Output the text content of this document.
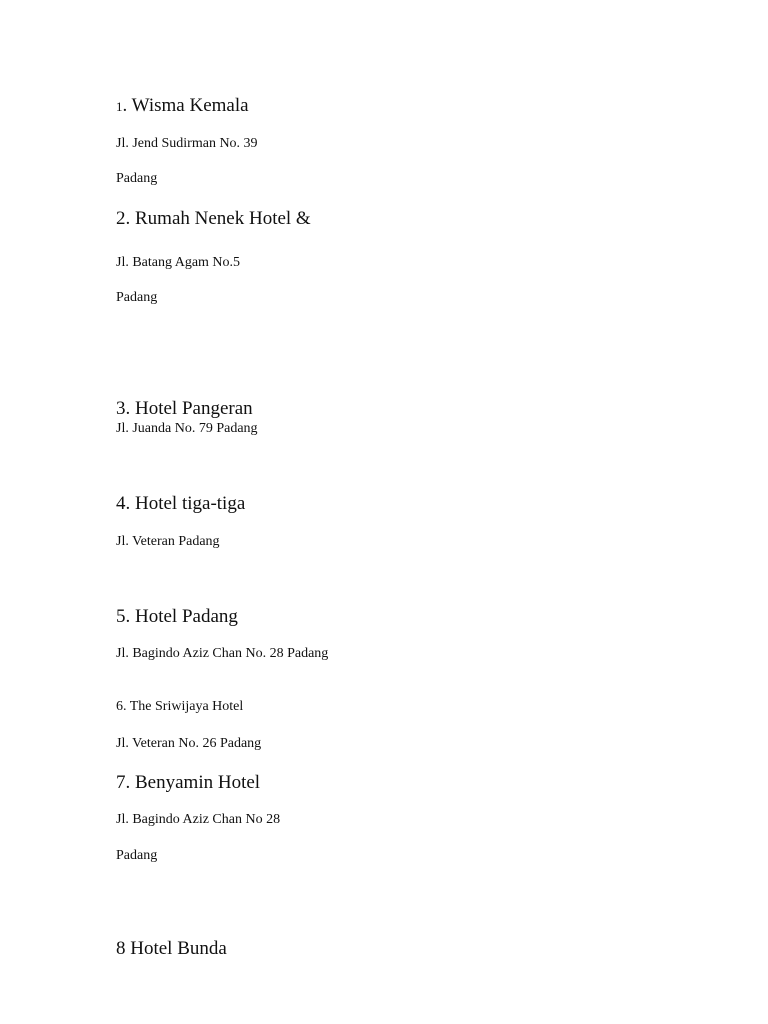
1. Wisma Kemala
Jl. Jend Sudirman No. 39
Padang
2. Rumah Nenek Hotel &
Jl. Batang Agam No.5
Padang
3. Hotel Pangeran
Jl. Juanda No. 79 Padang
4. Hotel tiga-tiga
Jl. Veteran Padang
5. Hotel Padang
Jl. Bagindo Aziz Chan No. 28 Padang
6. The Sriwijaya Hotel
Jl. Veteran No. 26 Padang
7. Benyamin Hotel
Jl. Bagindo Aziz Chan No 28
Padang
8 Hotel Bunda
